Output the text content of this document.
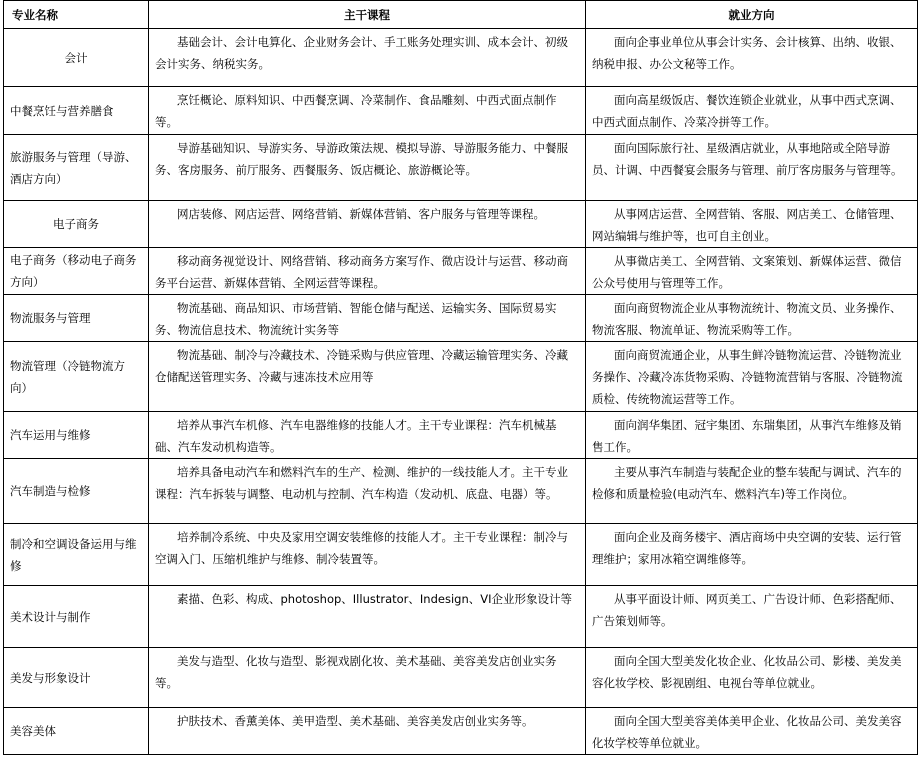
专业名称	主干课程	就业方向
会计	基础会计、会计电算化、企业财务会计、手工账务处理实训、成本会计、初级会计实务、纳税实务。	面向企事业单位从事会计实务、会计核算、出纳、收银、纳税申报、办公文秘等工作。
中餐烹饪与营养膳食	烹饪概论、原料知识、中西餐烹调、冷菜制作、食品雕刻、中西式面点制作等。	面向高星级饭店、餐饮连锁企业就业，从事中西式烹调、中西式面点制作、冷菜冷拼等工作。
旅游服务与管理（导游、酒店方向）	导游基础知识、导游实务、导游政策法规、模拟导游、导游服务能力、中餐服务、客房服务、前厅服务、西餐服务、饭店概论、旅游概论等。	面向国际旅行社、星级酒店就业，从事地陪或全陪导游员、计调、中西餐宴会服务与管理、前厅客房服务与管理等。
电子商务	网店装修、网店运营、网络营销、新媒体营销、客户服务与管理等课程。	从事网店运营、全网营销、客服、网店美工、仓储管理、网站编辑与维护等，也可自主创业。
电子商务（移动电子商务方向）	移动商务视觉设计、网络营销、移动商务方案写作、微店设计与运营、移动商务平台运营、新媒体营销、全网运营等课程。	从事微店美工、全网营销、文案策划、新媒体运营、微信公众号使用与管理等工作。
物流服务与管理	物流基础、商品知识、市场营销、智能仓储与配送、运输实务、国际贸易实务、物流信息技术、物流统计实务等	面向商贸物流企业从事物流统计、物流文员、业务操作、物流客服、物流单证、物流采购等工作。
物流管理（冷链物流方向）	物流基础、制冷与冷藏技术、冷链采购与供应管理、冷藏运输管理实务、冷藏仓储配送管理实务、冷藏与速冻技术应用等	面向商贸流通企业，从事生鲜冷链物流运营、冷链物流业务操作、冷藏冷冻货物采购、冷链物流营销与客服、冷链物流质检、传统物流运营等工作。
汽车运用与维修	培养从事汽车机修、汽车电器维修的技能人才。主干专业课程：汽车机械基础、汽车发动机构造等。	面向润华集团、冠宇集团、东瑞集团，从事汽车维修及销售工作。
汽车制造与检修	培养具备电动汽车和燃料汽车的生产、检测、维护的一线技能人才。主干专业课程：汽车拆装与调整、电动机与控制、汽车构造（发动机、底盘、电器）等。	主要从事汽车制造与装配企业的整车装配与调试、汽车的检修和质量检验(电动汽车、燃料汽车)等工作岗位。
制冷和空调设备运用与维修	培养制冷系统、中央及家用空调安装维修的技能人才。主干专业课程：制冷与空调入门、压缩机维护与维修、制冷装置等。	面向企业及商务楼宇、酒店商场中央空调的安装、运行管理维护；家用冰箱空调维修等。
美术设计与制作	素描、色彩、构成、photoshop、Illustrator、Indesign、VI企业形象设计等	从事平面设计师、网页美工、广告设计师、色彩搭配师、广告策划师等。
美发与形象设计	美发与造型、化妆与造型、影视戏剧化妆、美术基础、美容美发店创业实务等。	面向全国大型美发化妆企业、化妆品公司、影楼、美发美容化妆学校、影视剧组、电视台等单位就业。
美容美体	护肤技术、香薰美体、美甲造型、美术基础、美容美发店创业实务等。	面向全国大型美容美体美甲企业、化妆品公司、美发美容化妆学校等单位就业。
